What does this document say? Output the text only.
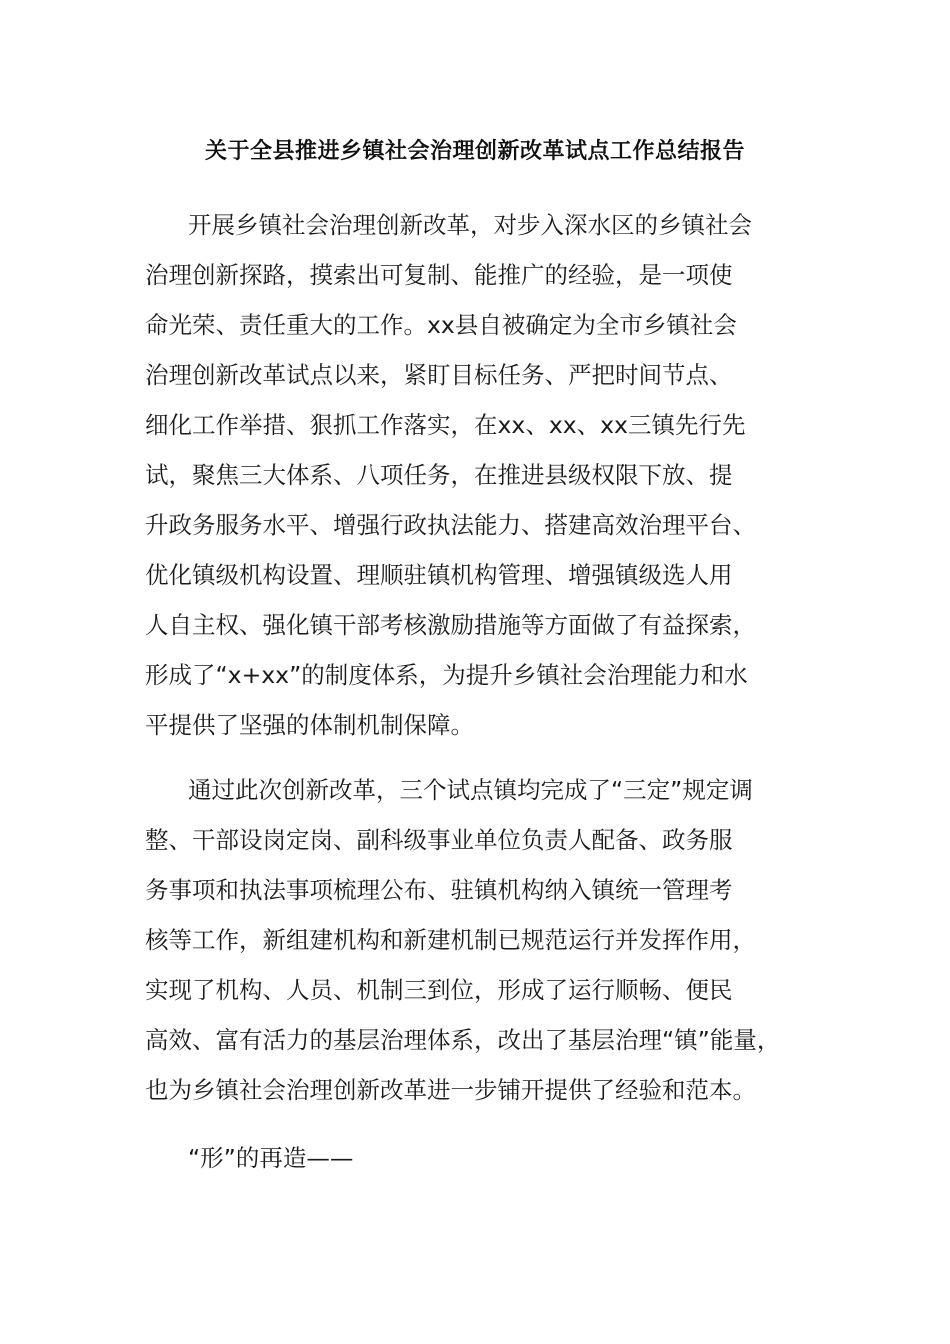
关于全县推进乡镇社会治理创新改革试点工作总结报告

开展乡镇社会治理创新改革，对步入深水区的乡镇社会
治理创新探路，摸索出可复制、能推广的经验，是一项使
命光荣、责任重大的工作。xx县自被确定为全市乡镇社会
治理创新改革试点以来，紧盯目标任务、严把时间节点、
细化工作举措、狠抓工作落实，在xx、xx、xx三镇先行先
试，聚焦三大体系、八项任务，在推进县级权限下放、提
升政务服务水平、增强行政执法能力、搭建高效治理平台、
优化镇级机构设置、理顺驻镇机构管理、增强镇级选人用
人自主权、强化镇干部考核激励措施等方面做了有益探索，
形成了“x+xx”的制度体系，为提升乡镇社会治理能力和水
平提供了坚强的体制机制保障。

通过此次创新改革，三个试点镇均完成了“三定”规定调
整、干部设岗定岗、副科级事业单位负责人配备、政务服
务事项和执法事项梳理公布、驻镇机构纳入镇统一管理考
核等工作，新组建机构和新建机制已规范运行并发挥作用，
实现了机构、人员、机制三到位，形成了运行顺畅、便民
高效、富有活力的基层治理体系，改出了基层治理“镇”能量，
也为乡镇社会治理创新改革进一步铺开提供了经验和范本。

“形”的再造——
